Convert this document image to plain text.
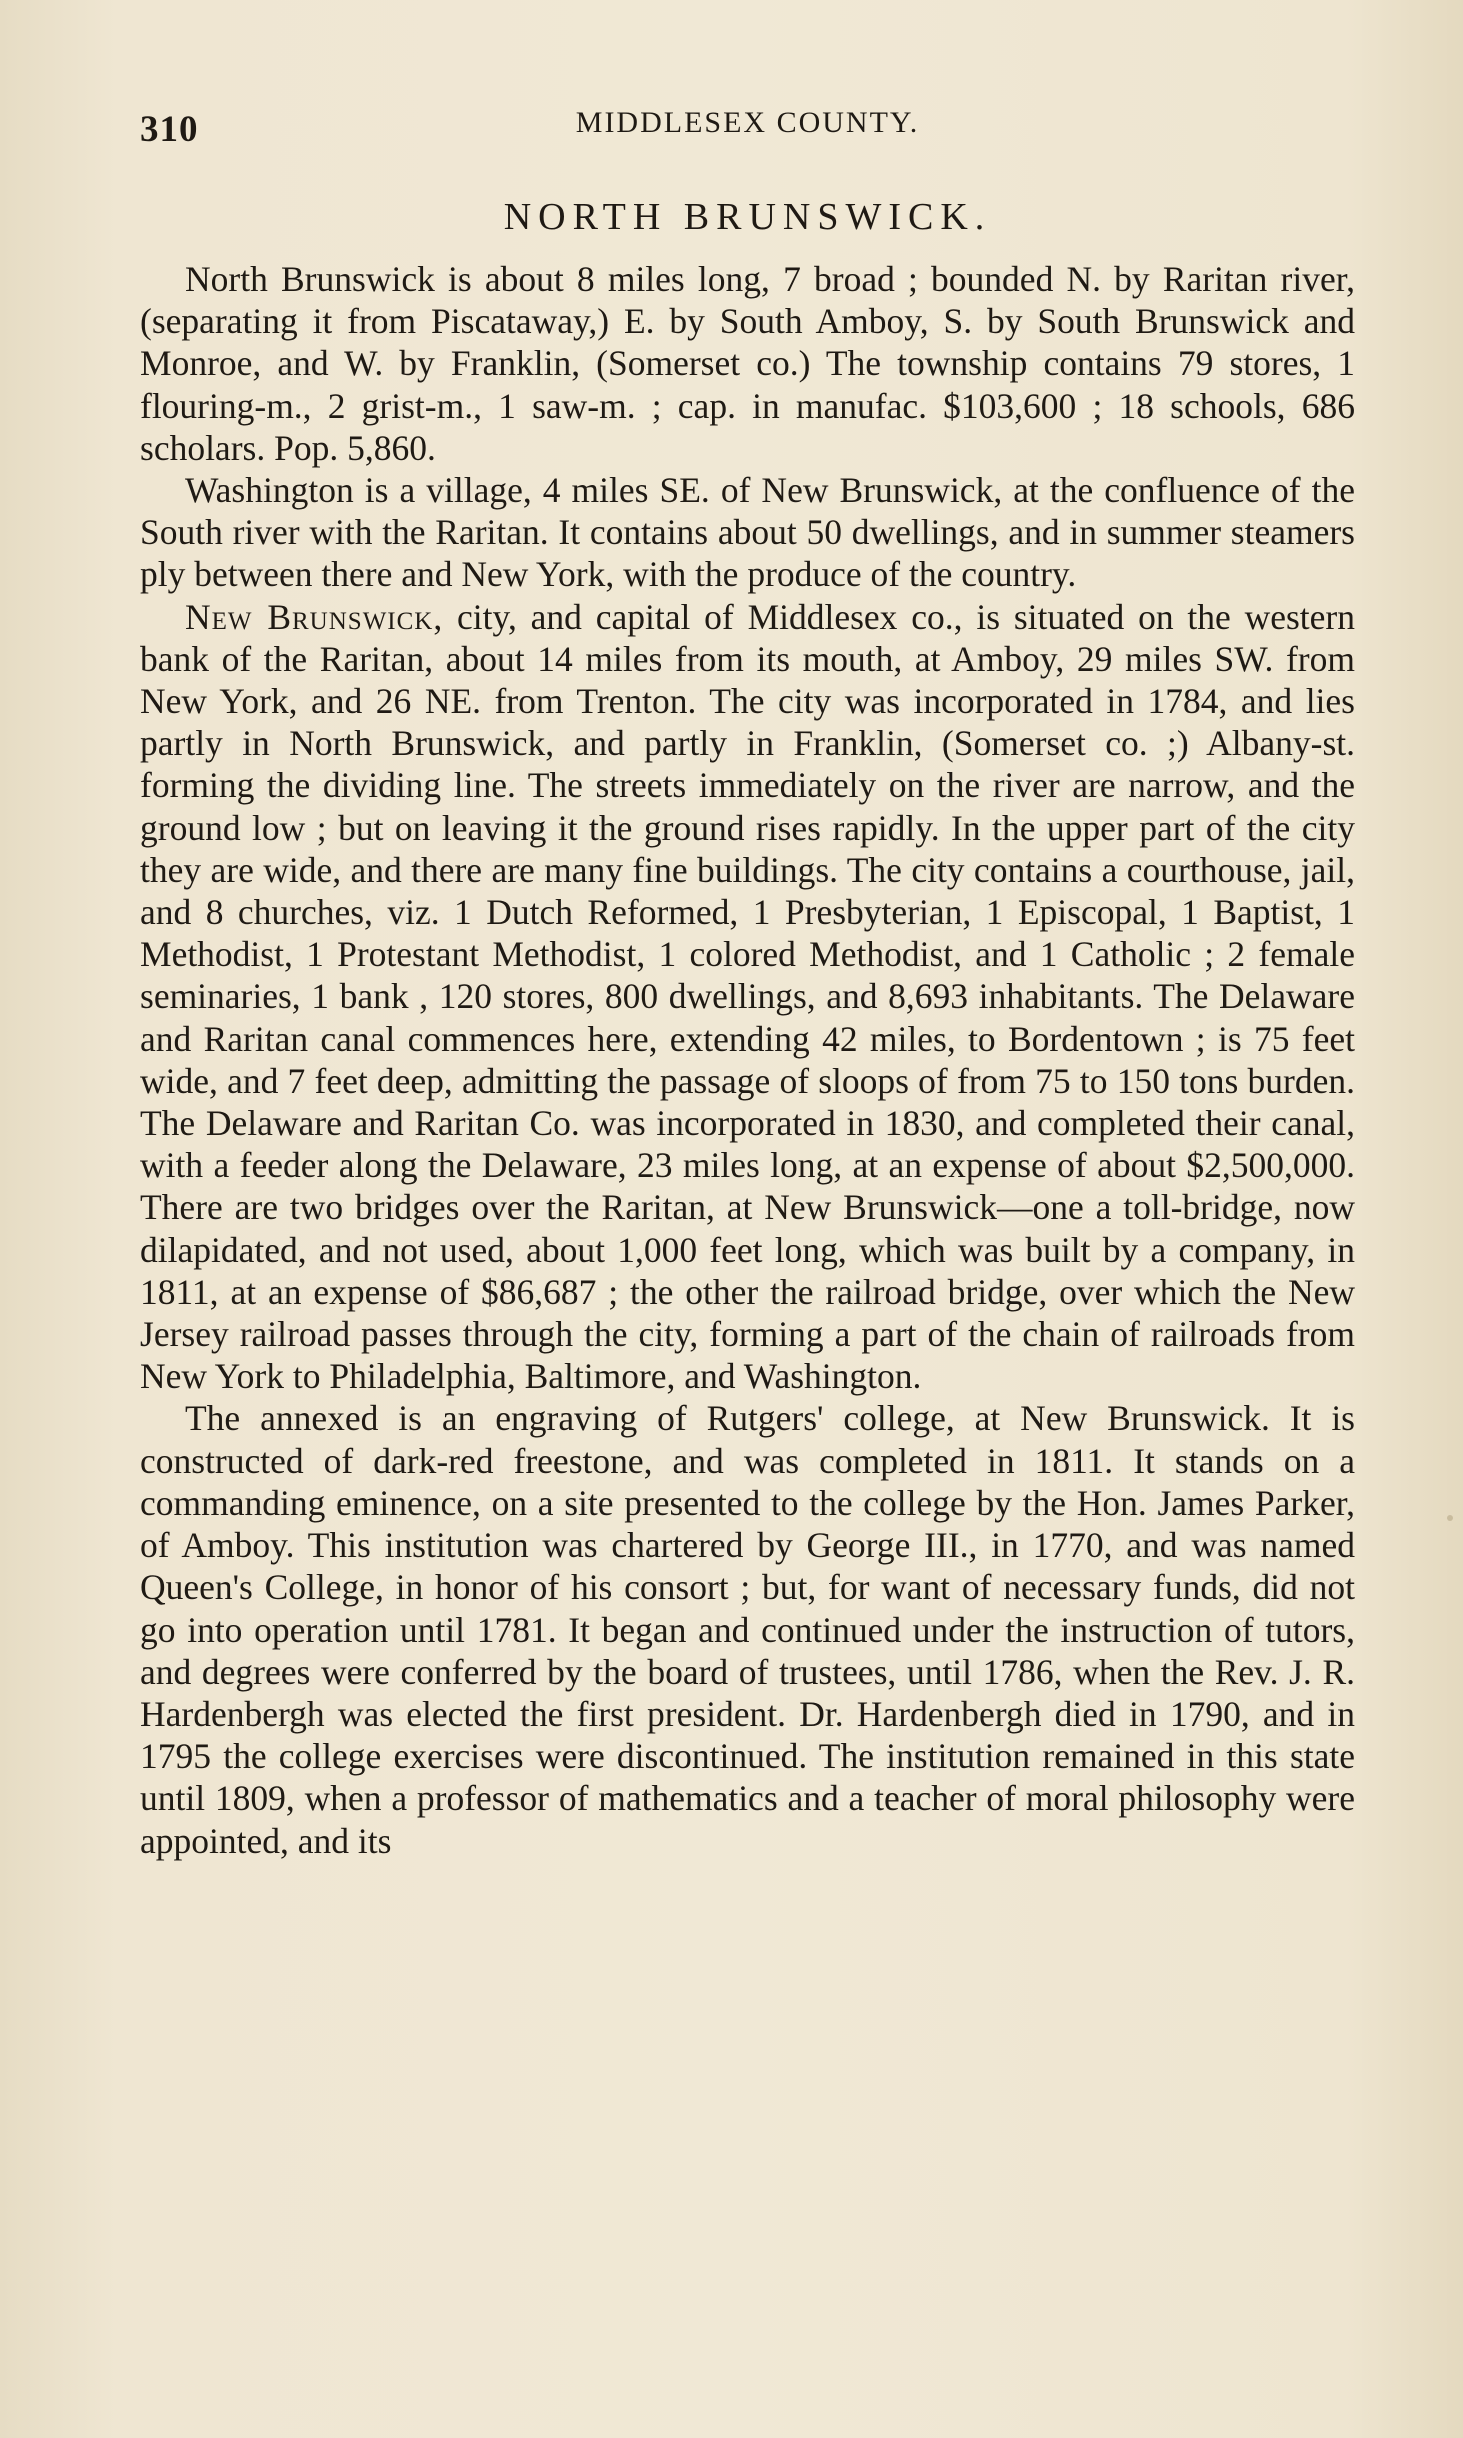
310	MIDDLESEX COUNTY.
NORTH BRUNSWICK.

North Brunswick is about 8 miles long, 7 broad ; bounded N. by Raritan river, (separating it from Piscataway,) E. by South Amboy, S. by South Brunswick and Monroe, and W. by Franklin, (Somerset co.) The township contains 79 stores, 1 flouring-m., 2 grist-m., 1 saw-m. ; cap. in manufac. $103,600 ; 18 schools, 686 scholars. Pop. 5,860.

Washington is a village, 4 miles SE. of New Brunswick, at the confluence of the South river with the Raritan. It contains about 50 dwellings, and in summer steamers ply between there and New York, with the produce of the country.

New Brunswick, city, and capital of Middlesex co., is situated on the western bank of the Raritan, about 14 miles from its mouth, at Amboy, 29 miles SW. from New York, and 26 NE. from Trenton. The city was incorporated in 1784, and lies partly in North Brunswick, and partly in Franklin, (Somerset co. ;) Albany-st. forming the dividing line. The streets immediately on the river are narrow, and the ground low ; but on leaving it the ground rises rapidly. In the upper part of the city they are wide, and there are many fine buildings. The city contains a courthouse, jail, and 8 churches, viz. 1 Dutch Reformed, 1 Presbyterian, 1 Episcopal, 1 Baptist, 1 Methodist, 1 Protestant Methodist, 1 colored Methodist, and 1 Catholic ; 2 female seminaries, 1 bank , 120 stores, 800 dwellings, and 8,693 inhabitants. The Delaware and Raritan canal commences here, extending 42 miles, to Bordentown ; is 75 feet wide, and 7 feet deep, admitting the passage of sloops of from 75 to 150 tons burden. The Delaware and Raritan Co. was incorporated in 1830, and completed their canal, with a feeder along the Delaware, 23 miles long, at an expense of about $2,500,000. There are two bridges over the Raritan, at New Brunswick—one a toll-bridge, now dilapidated, and not used, about 1,000 feet long, which was built by a company, in 1811, at an expense of $86,687 ; the other the railroad bridge, over which the New Jersey railroad passes through the city, forming a part of the chain of railroads from New York to Philadelphia, Baltimore, and Washington.

The annexed is an engraving of Rutgers' college, at New Brunswick. It is constructed of dark-red freestone, and was completed in 1811. It stands on a commanding eminence, on a site presented to the college by the Hon. James Parker, of Amboy. This institution was chartered by George III., in 1770, and was named Queen's College, in honor of his consort ; but, for want of necessary funds, did not go into operation until 1781. It began and continued under the instruction of tutors, and degrees were conferred by the board of trustees, until 1786, when the Rev. J. R. Hardenbergh was elected the first president. Dr. Hardenbergh died in 1790, and in 1795 the college exercises were discontinued. The institution remained in this state until 1809, when a professor of mathematics and a teacher of moral philosophy were appointed, and its
